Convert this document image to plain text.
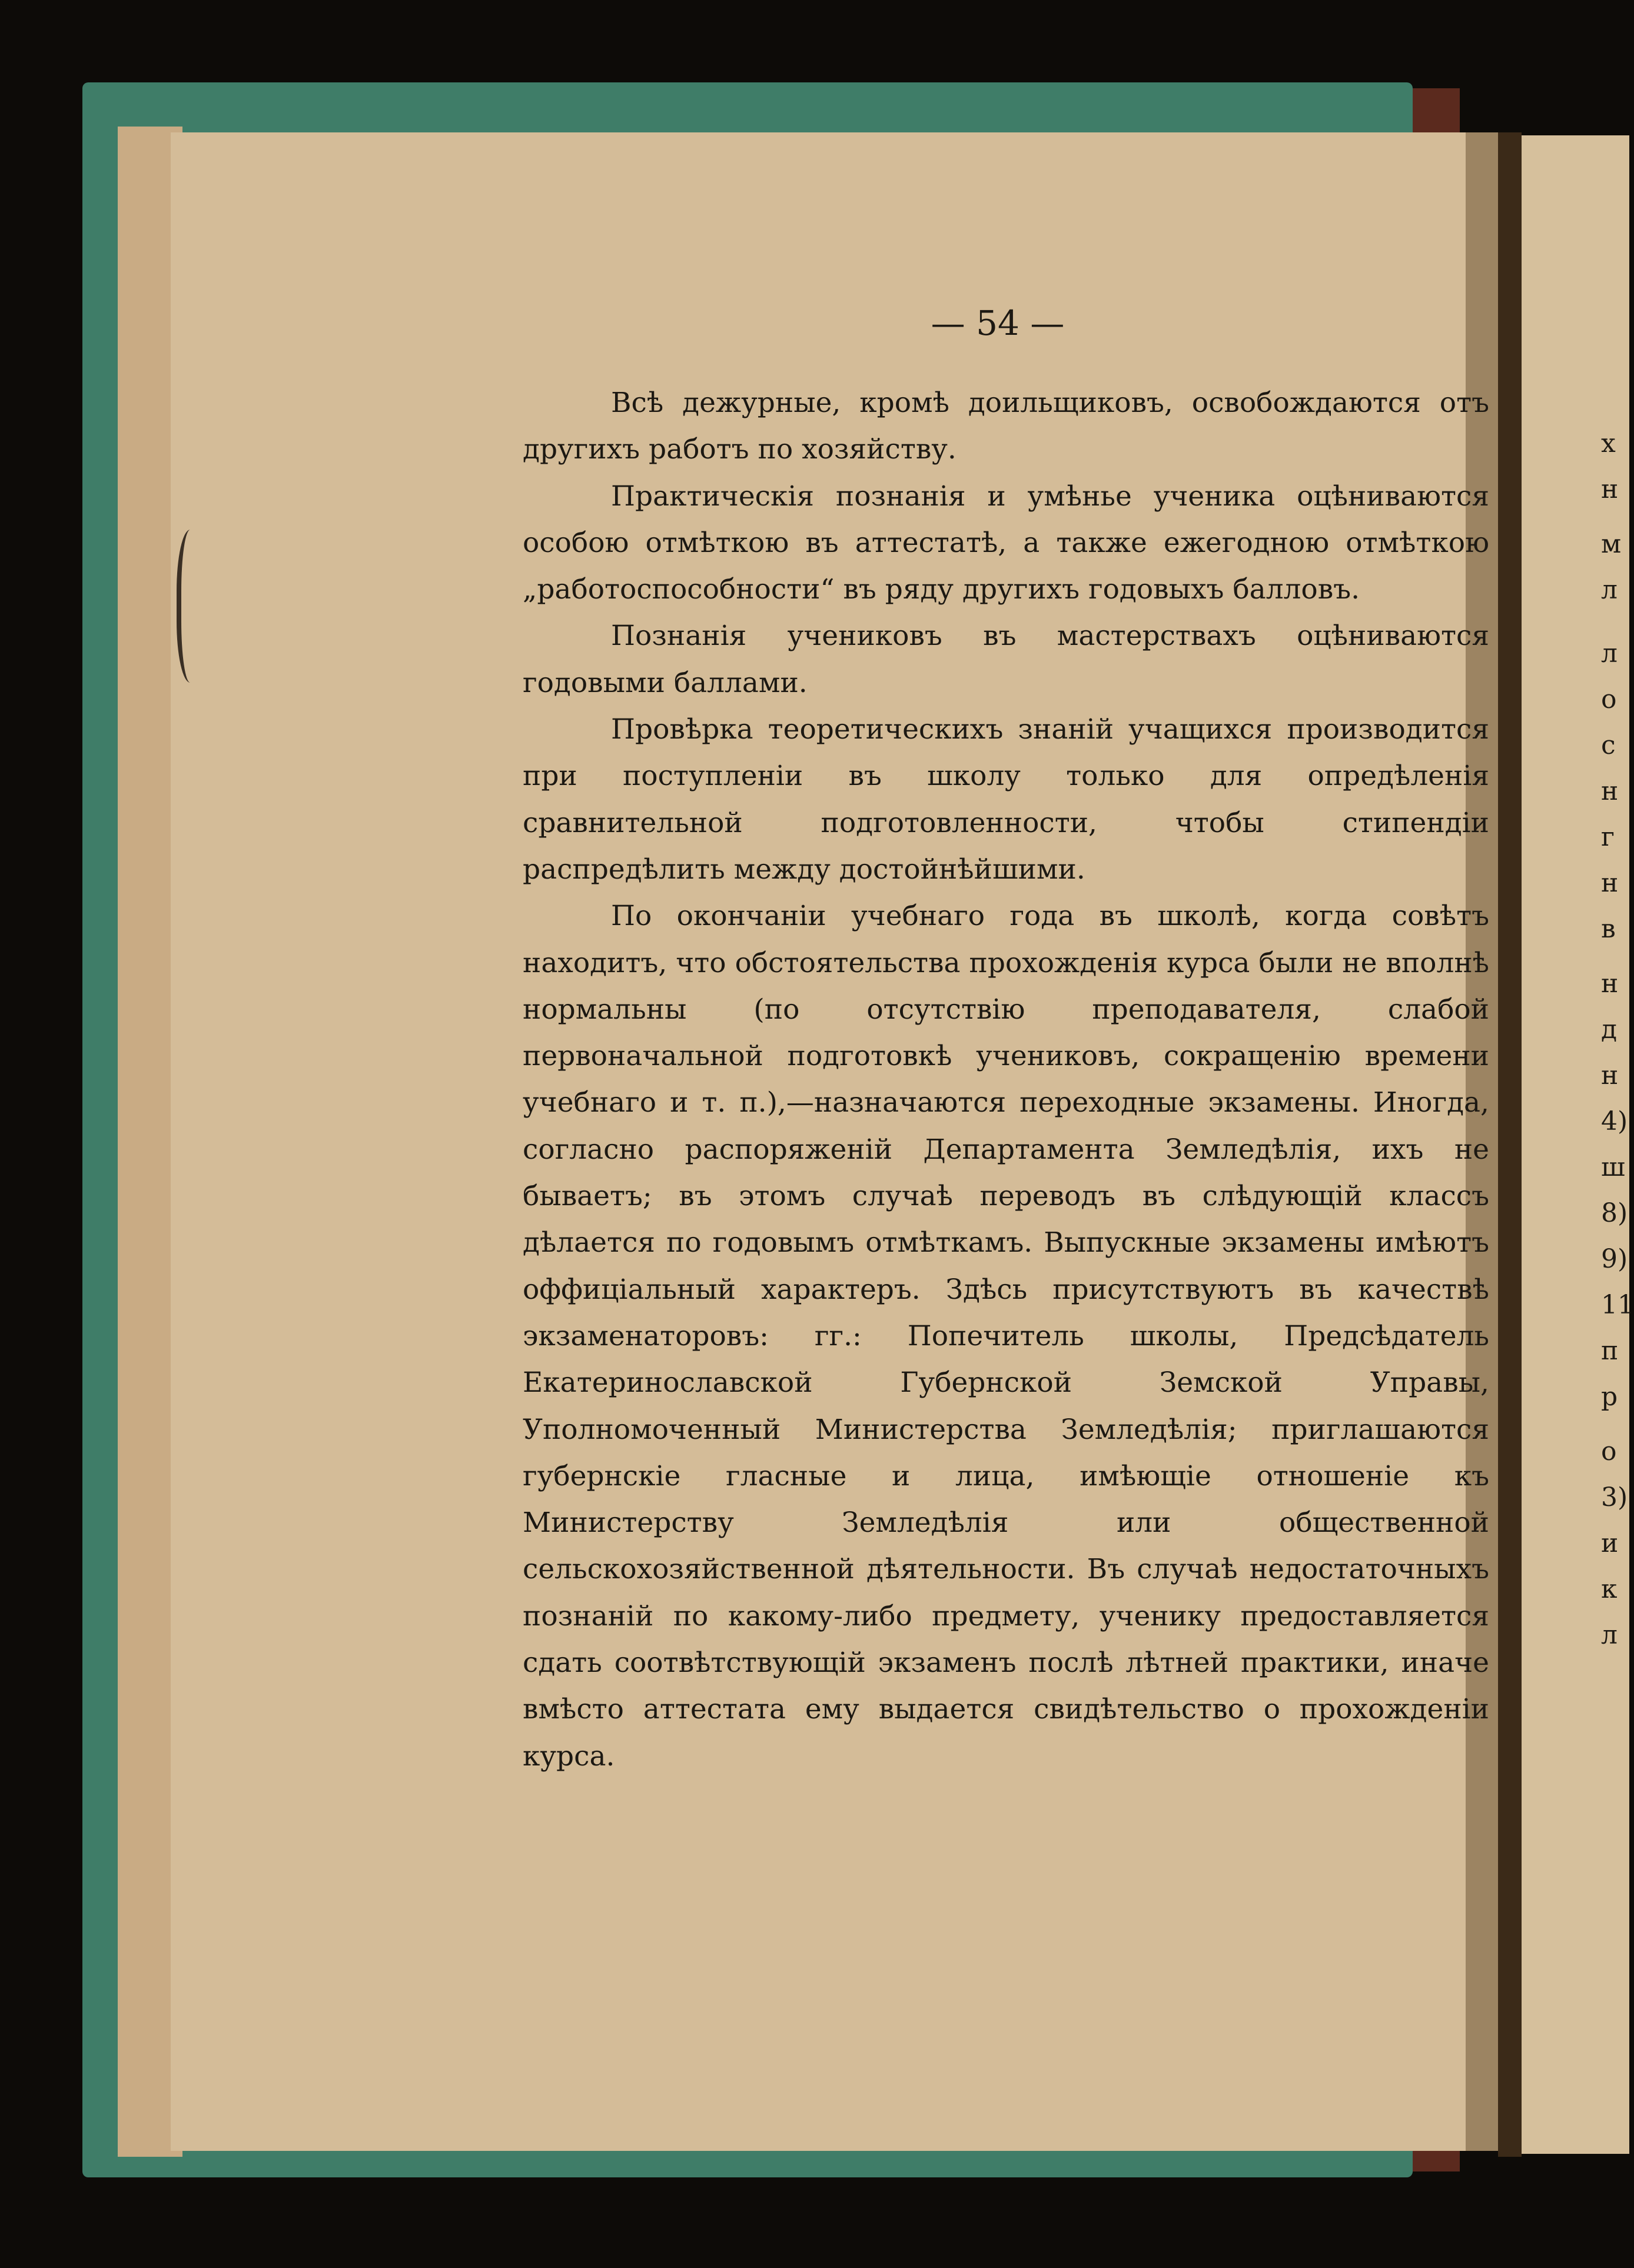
х
н
м
л
л
о
с
н
г
н
в
н
д
н
4)
ш
8)
9)
11
п
р
о
3)
и
к
л
— 54 —

Всѣ дежурные, кромѣ доильщиковъ, освобождаются отъ другихъ работъ по хозяйству.

Практическія познанія и умѣнье ученика оцѣниваются особою отмѣткою въ аттестатѣ, а также ежегодною отмѣткою „работоспособности“ въ ряду другихъ годовыхъ балловъ.

Познанія учениковъ въ мастерствахъ оцѣниваются годовыми баллами.

Провѣрка теоретическихъ знаній учащихся производится при поступленіи въ школу только для опредѣленія сравнительной подготовленности, чтобы стипендіи распредѣлить между достойнѣйшими.

По окончаніи учебнаго года въ школѣ, когда совѣтъ находитъ, что обстоятельства прохожденія курса были не вполнѣ нормальны (по отсутствію преподавателя, слабой первоначальной подготовкѣ учениковъ, сокращенію времени учебнаго и т. п.),—назначаются переходные экзамены. Иногда, согласно распоряженій Департамента Земледѣлія, ихъ не бываетъ; въ этомъ случаѣ переводъ въ слѣдующій классъ дѣлается по годовымъ отмѣткамъ. Выпускные экзамены имѣютъ оффиціальный характеръ. Здѣсь присутствуютъ въ качествѣ экзаменаторовъ: гг.: Попечитель школы, Предсѣдатель Екатеринославской Губернской Земской Управы, Уполномоченный Министерства Земледѣлія; приглашаются губернскіе гласные и лица, имѣющіе отношеніе къ Министерству Земледѣлія или общественной сельскохозяйственной дѣятельности. Въ случаѣ недостаточныхъ познаній по какому-либо предмету, ученику предоставляется сдать соотвѣтствующій экзаменъ послѣ лѣтней практики, иначе вмѣсто аттестата ему выдается свидѣтельство о прохожденіи курса.
